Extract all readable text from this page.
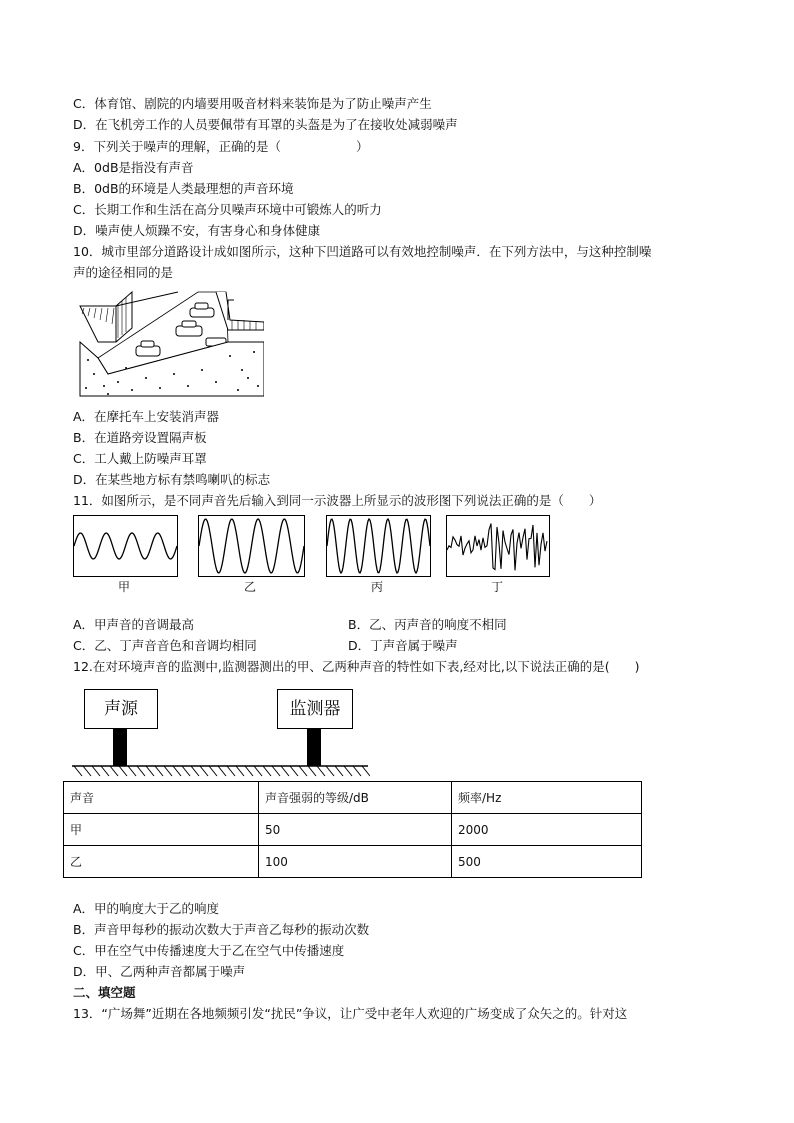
C．体育馆、剧院的内墙要用吸音材料来装饰是为了防止噪声产生
D．在飞机旁工作的人员要佩带有耳罩的头盔是为了在接收处减弱噪声
9．下列关于噪声的理解，正确的是（　　　　　　）
A．0dB是指没有声音
B．0dB的环境是人类最理想的声音环境
C．长期工作和生活在高分贝噪声环境中可锻炼人的听力
D．噪声使人烦躁不安，有害身心和身体健康
10．城市里部分道路设计成如图所示，这种下凹道路可以有效地控制噪声．在下列方法中，与这种控制噪
声的途径相同的是
A．在摩托车上安装消声器
B．在道路旁设置隔声板
C．工人戴上防噪声耳罩
D．在某些地方标有禁鸣喇叭的标志
11．如图所示，是不同声音先后输入到同一示波器上所显示的波形图下列说法正确的是（　　）
甲	乙	丙	丁
A．甲声音的音调最高	B．乙、丙声音的响度不相同
C．乙、丁声音音色和音调均相同	D．丁声音属于噪声
12.在对环境声音的监测中,监测器测出的甲、乙两种声音的特性如下表,经对比,以下说法正确的是(　　)
声源	监测器
声音	声音强弱的等级/dB	频率/Hz
甲	50	2000
乙	100	500
A．甲的响度大于乙的响度
B．声音甲每秒的振动次数大于声音乙每秒的振动次数
C．甲在空气中传播速度大于乙在空气中传播速度
D．甲、乙两种声音都属于噪声
二、填空题
13．“广场舞”近期在各地频频引发“扰民”争议，让广受中老年人欢迎的广场变成了众矢之的。针对这
